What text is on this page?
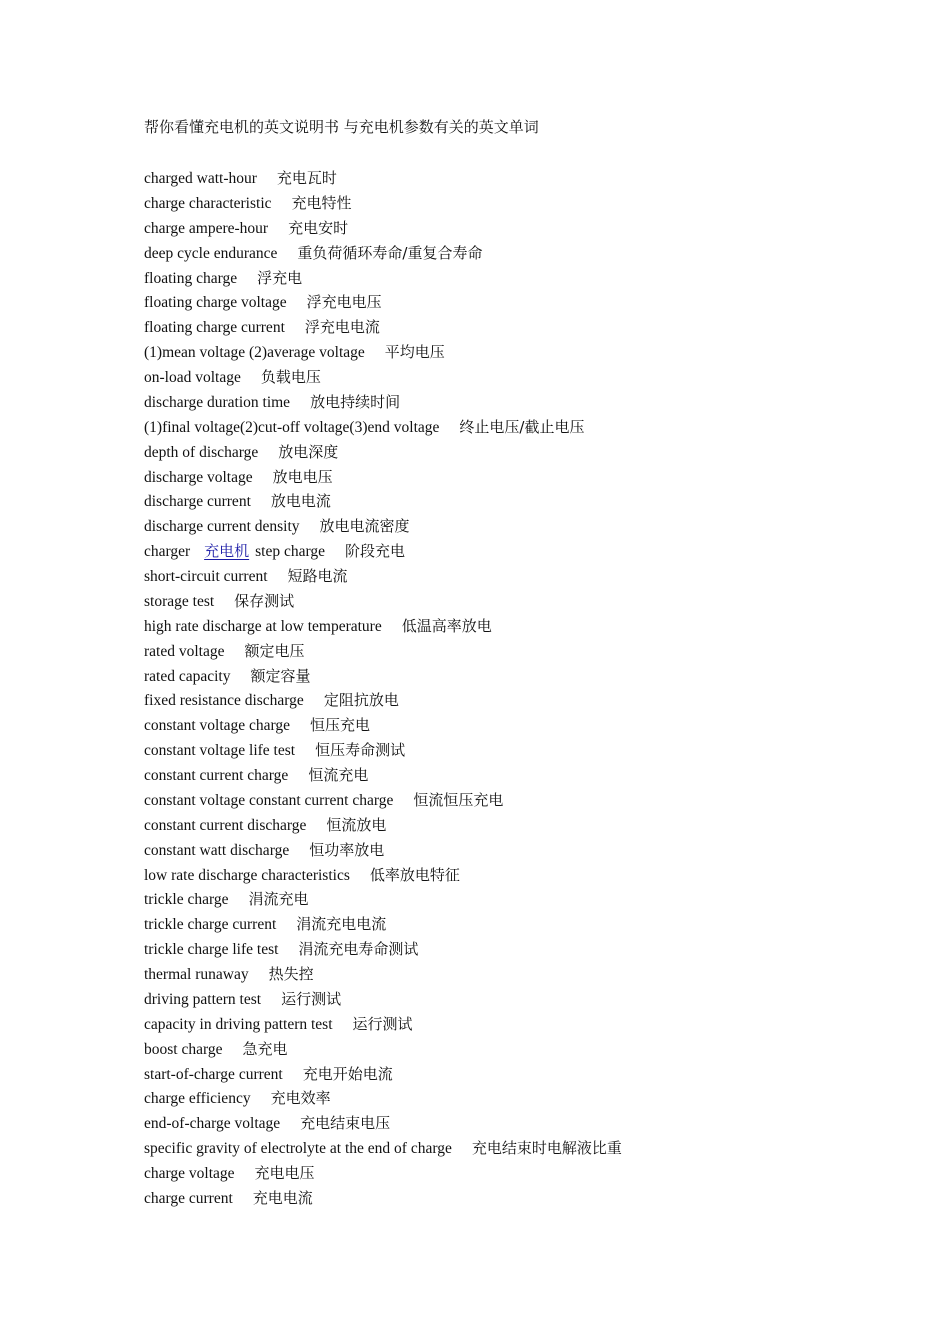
帮你看懂充电机的英文说明书 与充电机参数有关的英文单词
charged watt-hour 充电瓦时
charge characteristic 充电特性
charge ampere-hour 充电安时
deep cycle endurance 重负荷循环寿命/重复合寿命
floating charge 浮充电
floating charge voltage 浮充电电压
floating charge current 浮充电电流
(1)mean voltage (2)average voltage 平均电压
on-load voltage 负载电压
discharge duration time 放电持续时间
(1)final voltage(2)cut-off voltage(3)end voltage 终止电压/截止电压
depth of discharge 放电深度
discharge voltage 放电电压
discharge current 放电电流
discharge current density 放电电流密度
charger 充电机 step charge 阶段充电
short-circuit current 短路电流
storage test 保存测试
high rate discharge at low temperature 低温高率放电
rated voltage 额定电压
rated capacity 额定容量
fixed resistance discharge 定阻抗放电
constant voltage charge 恒压充电
constant voltage life test 恒压寿命测试
constant current charge 恒流充电
constant voltage constant current charge 恒流恒压充电
constant current discharge 恒流放电
constant watt discharge 恒功率放电
low rate discharge characteristics 低率放电特征
trickle charge 涓流充电
trickle charge current 涓流充电电流
trickle charge life test 涓流充电寿命测试
thermal runaway 热失控
driving pattern test 运行测试
capacity in driving pattern test 运行测试
boost charge 急充电
start-of-charge current 充电开始电流
charge efficiency 充电效率
end-of-charge voltage 充电结束电压
specific gravity of electrolyte at the end of charge 充电结束时电解液比重
charge voltage 充电电压
charge current 充电电流
